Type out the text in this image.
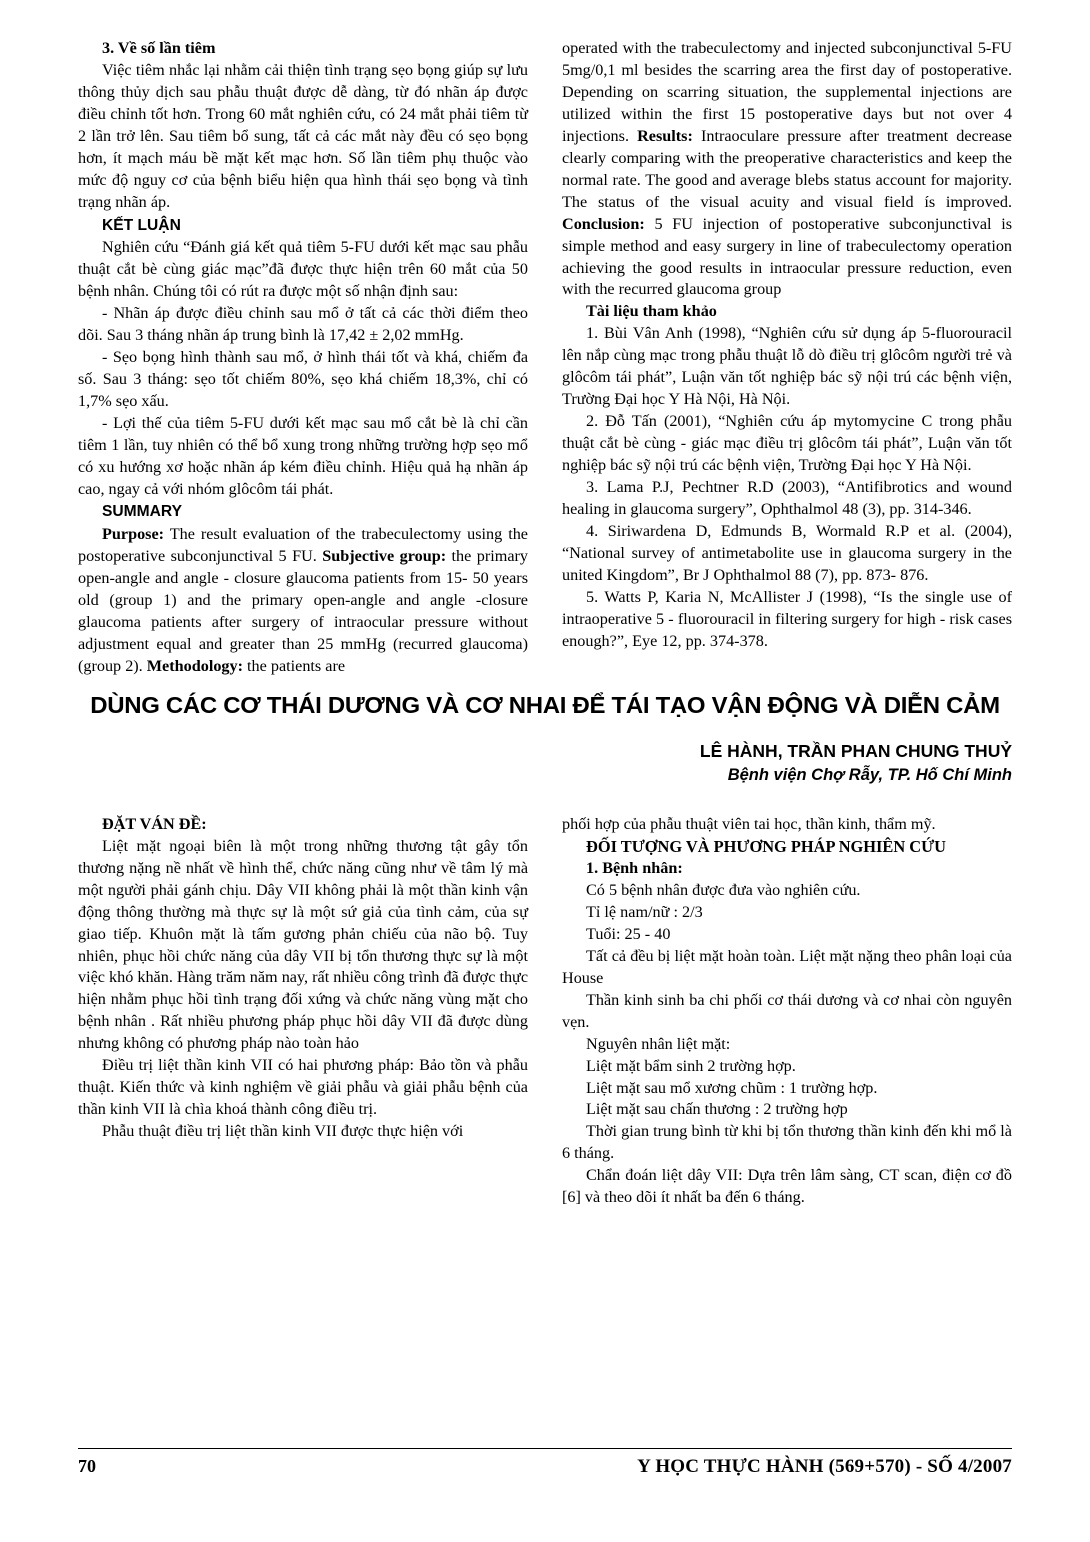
3. Về số lần tiêm

Việc tiêm nhắc lại nhằm cải thiện tình trạng sẹo bọng giúp sự lưu thông thủy dịch sau phẫu thuật được dễ dàng, từ đó nhãn áp được điều chỉnh tốt hơn. Trong 60 mắt nghiên cứu, có 24 mắt phải tiêm từ 2 lần trở lên. Sau tiêm bổ sung, tất cả các mắt này đều có sẹo bọng hơn, ít mạch máu bề mặt kết mạc hơn. Số lần tiêm phụ thuộc vào mức độ nguy cơ của bệnh biểu hiện qua hình thái sẹo bọng và tình trạng nhãn áp.

KẾT LUẬN

Nghiên cứu “Đánh giá kết quả tiêm 5-FU dưới kết mạc sau phẫu thuật cắt bè cùng giác mạc”đã được thực hiện trên 60 mắt của 50 bệnh nhân. Chúng tôi có rút ra được một số nhận định sau:

- Nhãn áp được điều chỉnh sau mổ ở tất cả các thời điểm theo dõi. Sau 3 tháng nhãn áp trung bình là 17,42 ± 2,02 mmHg.

- Sẹo bọng hình thành sau mổ, ở hình thái tốt và khá, chiếm đa số. Sau 3 tháng: sẹo tốt chiếm 80%, sẹo khá chiếm 18,3%, chỉ có 1,7% sẹo xấu.

- Lợi thế của tiêm 5-FU dưới kết mạc sau mổ cắt bè là chỉ cần tiêm 1 lần, tuy nhiên có thể bổ xung trong những trường hợp sẹo mổ có xu hướng xơ hoặc nhãn áp kém điều chỉnh. Hiệu quả hạ nhãn áp cao, ngay cả với nhóm glôcôm tái phát.

SUMMARY

Purpose: The result evaluation of the trabeculectomy using the postoperative subconjunctival 5 FU. Subjective group: the primary open-angle and angle - closure glaucoma patients from 15- 50 years old (group 1) and the primary open-angle and angle -closure glaucoma patients after surgery of intraocular pressure without adjustment equal and greater than 25 mmHg (recurred glaucoma)(group 2). Methodology: the patients are

operated with the trabeculectomy and injected subconjunctival 5-FU 5mg/0,1 ml besides the scarring area the first day of postoperative. Depending on scarring situation, the supplemental injections are utilized within the first 15 postoperative days but not over 4 injections. Results: Intraoculare pressure after treatment decrease clearly comparing with the preoperative characteristics and keep the normal rate. The good and average blebs status account for majority. The status of the visual acuity and visual field ís improved. Conclusion: 5 FU injection of postoperative subconjunctival is simple method and easy surgery in line of trabeculectomy operation achieving the good results in intraocular pressure reduction, even with the recurred glaucoma group

Tài liệu tham khảo

1. Bùi Vân Anh (1998), “Nghiên cứu sử dụng áp 5-fluorouracil lên nắp cùng mạc trong phẫu thuật lỗ dò điều trị glôcôm người trẻ và glôcôm tái phát”, Luận văn tốt nghiệp bác sỹ nội trú các bệnh viện, Trường Đại học Y Hà Nội, Hà Nội.

2. Đỗ Tấn (2001), “Nghiên cứu áp mytomycine C trong phẫu thuật cắt bè cùng - giác mạc điều trị glôcôm tái phát”, Luận văn tốt nghiệp bác sỹ nội trú các bệnh viện, Trường Đại học Y Hà Nội.

3. Lama P.J, Pechtner R.D (2003), “Antifibrotics and wound healing in glaucoma surgery”, Ophthalmol 48 (3), pp. 314-346.

4. Siriwardena D, Edmunds B, Wormald R.P et al. (2004), “National survey of antimetabolite use in glaucoma surgery in the united Kingdom”, Br J Ophthalmol 88 (7), pp. 873- 876.

5. Watts P, Karia N, McAllister J (1998), “Is the single use of intraoperative 5 - fluorouracil in filtering surgery for high - risk cases enough?”, Eye 12, pp. 374-378.

DÙNG CÁC CƠ THÁI DƯƠNG VÀ CƠ NHAI ĐỂ TÁI TẠO VẬN ĐỘNG VÀ DIỄN CẢM
LÊ HÀNH, TRẦN PHAN CHUNG THUỶ
Bệnh viện Chợ Rẫy, TP. Hố Chí Minh
ĐẶT VÁN ĐỀ:

Liệt mặt ngoại biên là một trong những thương tật gây tổn thương nặng nề nhất về hình thể, chức năng cũng như về tâm lý mà một người phải gánh chịu. Dây VII không phải là một thần kinh vận động thông thường mà thực sự là một sứ giả của tình cảm, của sự giao tiếp. Khuôn mặt là tấm gương phản chiếu của não bộ. Tuy nhiên, phục hồi chức năng của dây VII bị tổn thương thực sự là một việc khó khăn. Hàng trăm năm nay, rất nhiều công trình đã được thực hiện nhằm phục hồi tình trạng đối xứng và chức năng vùng mặt cho bệnh nhân . Rất nhiều phương pháp phục hồi dây VII đã được dùng nhưng không có phương pháp nào toàn hảo

Điều trị liệt thần kinh VII có hai phương pháp: Bảo tồn và phẫu thuật. Kiến thức và kinh nghiệm về giải phẫu và giải phẫu bệnh của thần kinh VII là chìa khoá thành công điều trị.

Phẫu thuật điều trị liệt thần kinh VII được thực hiện với

phối hợp của phẫu thuật viên tai học, thần kinh, thẩm mỹ.

ĐỐI TƯỢNG VÀ PHƯƠNG PHÁP NGHIÊN CỨU
1. Bệnh nhân:

Có 5 bệnh nhân được đưa vào nghiên cứu.

Tỉ lệ nam/nữ : 2/3

Tuổi: 25 - 40

Tất cả đều bị liệt mặt hoàn toàn. Liệt mặt nặng theo phân loại của House

Thần kinh sinh ba chi phối cơ thái dương và cơ nhai còn nguyên vẹn.

Nguyên nhân liệt mặt:

Liệt mặt bẩm sinh 2 trường hợp.

Liệt mặt sau mổ xương chũm : 1 trường hợp.

Liệt mặt sau chấn thương : 2 trường hợp

Thời gian trung bình từ khi bị tổn thương thần kinh đến khi mổ là 6 tháng.

Chẩn đoán liệt dây VII: Dựa trên lâm sàng, CT scan, điện cơ đồ [6] và theo dõi ít nhất ba đến 6 tháng.

70	Y HỌC THỰC HÀNH (569+570) - SỐ 4/2007
